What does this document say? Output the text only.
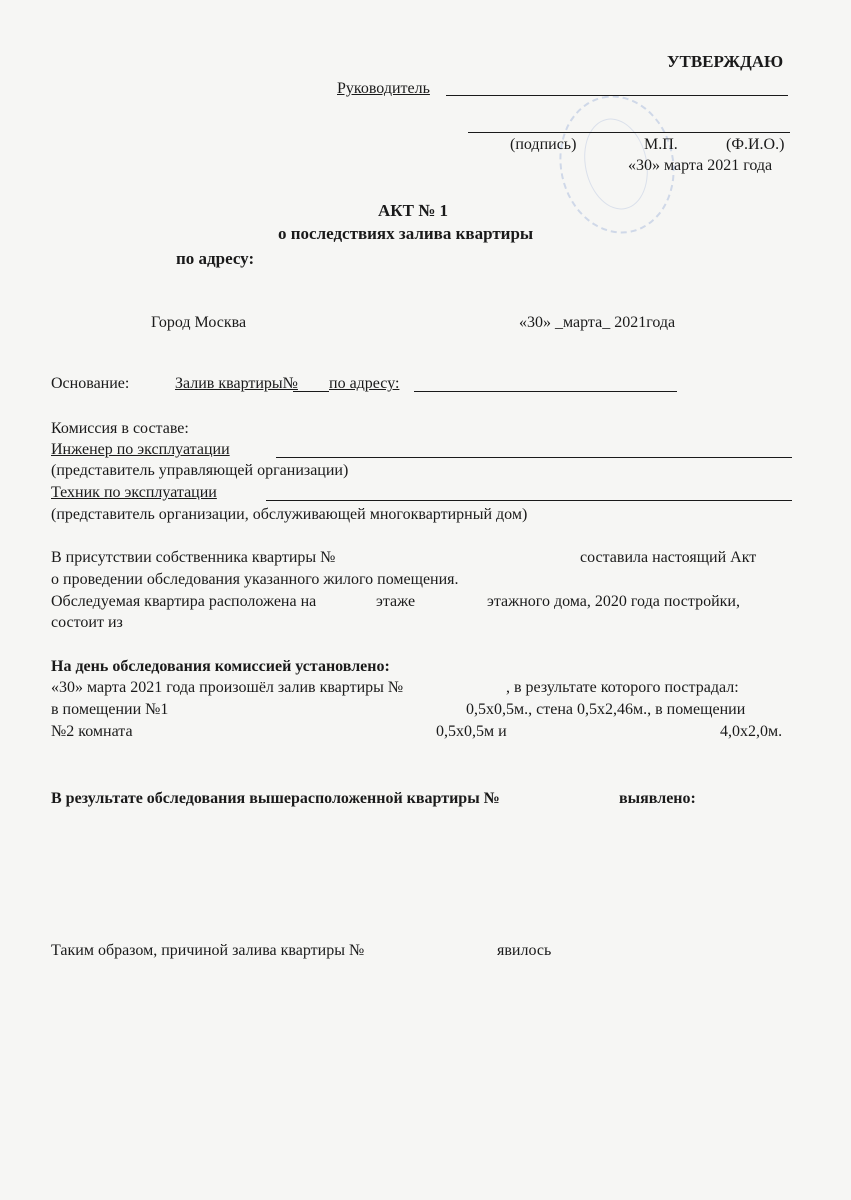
УТВЕРЖДАЮ
Руководитель
(подпись)	М.П.	(Ф.И.О.)
«30» марта 2021 года
АКТ № 1
о последствиях залива квартиры
по адресу:
Город Москва	«30» _марта_ 2021года
Основание:	Залив квартиры№ по адресу:
Комиссия в составе:
Инженер по эксплуатации
(представитель управляющей организации)
Техник по эксплуатации
(представитель организации, обслуживающей многоквартирный дом)
В присутствии собственника квартиры №	составила настоящий Акт
о проведении обследования указанного жилого помещения.
Обследуемая квартира расположена на	этаже	этажного дома, 2020 года постройки,
состоит из
На день обследования комиссией установлено:
«30» марта 2021 года произошёл залив квартиры №	, в результате которого пострадал:
в помещении №1	0,5х0,5м., стена 0,5х2,46м., в помещении
№2 комната	0,5х0,5м и	4,0х2,0м.
В результате обследования вышерасположенной квартиры №	выявлено:
Таким образом, причиной залива квартиры №	явилось
